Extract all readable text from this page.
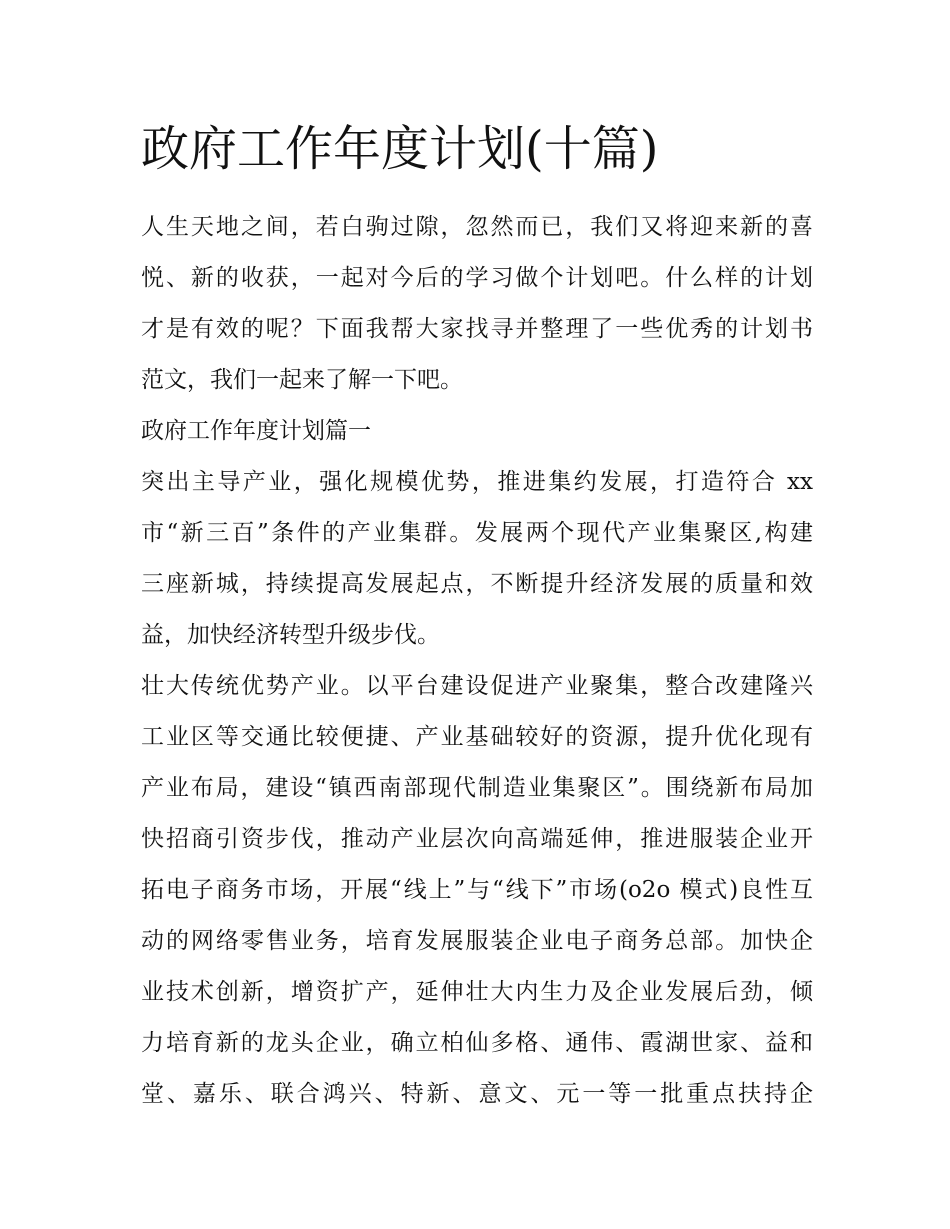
政府工作年度计划(十篇)

人生天地之间，若白驹过隙，忽然而已，我们又将迎来新的喜
悦、新的收获，一起对今后的学习做个计划吧。什么样的计划
才是有效的呢？下面我帮大家找寻并整理了一些优秀的计划书
范文，我们一起来了解一下吧。

政府工作年度计划篇一

突出主导产业，强化规模优势，推进集约发展，打造符合 xx
市“新三百”条件的产业集群。发展两个现代产业集聚区,构建
三座新城，持续提高发展起点，不断提升经济发展的质量和效
益，加快经济转型升级步伐。

壮大传统优势产业。以平台建设促进产业聚集，整合改建隆兴
工业区等交通比较便捷、产业基础较好的资源，提升优化现有
产业布局，建设“镇西南部现代制造业集聚区”。围绕新布局加
快招商引资步伐，推动产业层次向高端延伸，推进服装企业开
拓电子商务市场，开展“线上”与“线下”市场(o2o 模式)良性互
动的网络零售业务，培育发展服装企业电子商务总部。加快企
业技术创新，增资扩产，延伸壮大内生力及企业发展后劲，倾
力培育新的龙头企业，确立柏仙多格、通伟、霞湖世家、益和
堂、嘉乐、联合鸿兴、特新、意文、元一等一批重点扶持企
